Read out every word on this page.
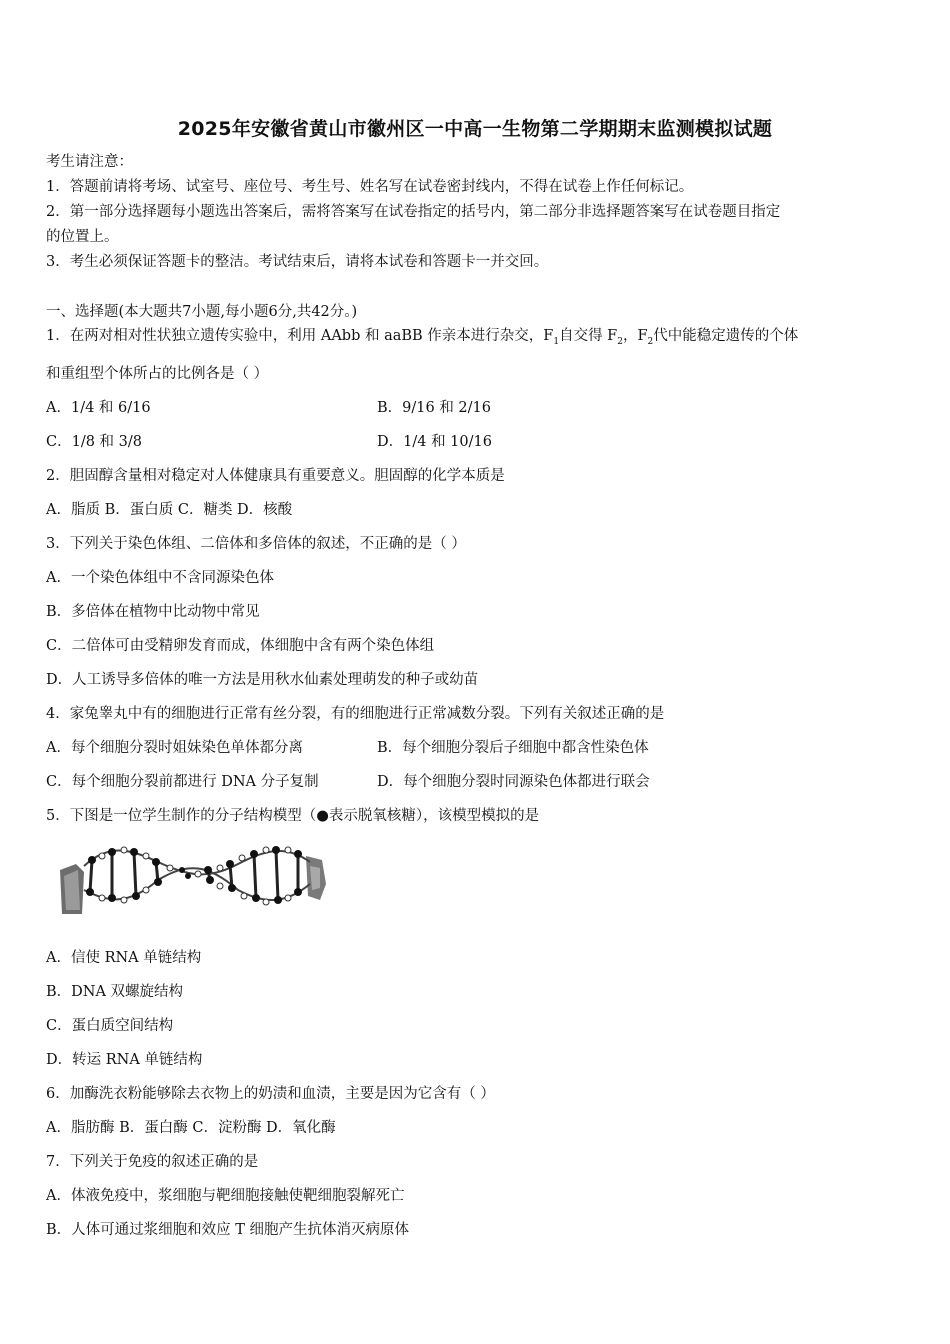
2025年安徽省黄山市徽州区一中高一生物第二学期期末监测模拟试题
考生请注意：
1．答题前请将考场、试室号、座位号、考生号、姓名写在试卷密封线内，不得在试卷上作任何标记。
2．第一部分选择题每小题选出答案后，需将答案写在试卷指定的括号内，第二部分非选择题答案写在试卷题目指定
的位置上。
3．考生必须保证答题卡的整洁。考试结束后，请将本试卷和答题卡一并交回。
一、选择题(本大题共7小题,每小题6分,共42分。)
1．在两对相对性状独立遗传实验中，利用 AAbb 和 aaBB 作亲本进行杂交，$F_1$自交得 $F_2$，$F_2$代中能稳定遗传的个体
和重组型个体所占的比例各是（ ）
A．1/4 和 6/16	B．9/16 和 2/16
C．1/8 和 3/8	D．1/4 和 10/16
2．胆固醇含量相对稳定对人体健康具有重要意义。胆固醇的化学本质是
A．脂质 B．蛋白质 C．糖类 D．核酸
3．下列关于染色体组、二倍体和多倍体的叙述，不正确的是（ ）
A．一个染色体组中不含同源染色体
B．多倍体在植物中比动物中常见
C．二倍体可由受精卵发育而成，体细胞中含有两个染色体组
D．人工诱导多倍体的唯一方法是用秋水仙素处理萌发的种子或幼苗
4．家兔睾丸中有的细胞进行正常有丝分裂，有的细胞进行正常减数分裂。下列有关叙述正确的是
A．每个细胞分裂时姐妹染色单体都分离	B．每个细胞分裂后子细胞中都含性染色体
C．每个细胞分裂前都进行 DNA 分子复制	D．每个细胞分裂时同源染色体都进行联会
5．下图是一位学生制作的分子结构模型（●表示脱氧核糖），该模型模拟的是
A．信使 RNA 单链结构
B．DNA 双螺旋结构
C．蛋白质空间结构
D．转运 RNA 单链结构
6．加酶洗衣粉能够除去衣物上的奶渍和血渍，主要是因为它含有（ ）
A．脂肪酶 B．蛋白酶 C．淀粉酶 D．氧化酶
7．下列关于免疫的叙述正确的是
A．体液免疫中，浆细胞与靶细胞接触使靶细胞裂解死亡
B．人体可通过浆细胞和效应 T 细胞产生抗体消灭病原体
